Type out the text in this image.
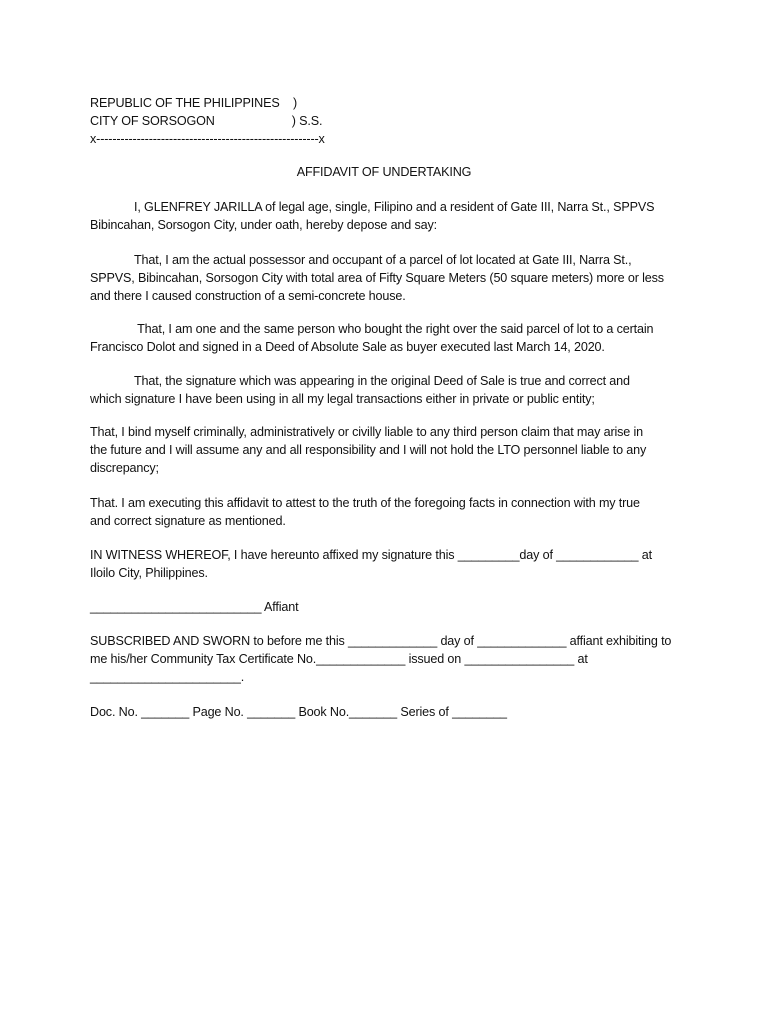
REPUBLIC OF THE PHILIPPINES    )
CITY OF SORSOGON                       ) S.S.
x-------------------------------------------------------x
AFFIDAVIT OF UNDERTAKING
I, GLENFREY JARILLA of legal age, single, Filipino and a resident of Gate III, Narra St., SPPVS
Bibincahan, Sorsogon City, under oath, hereby depose and say:
That, I am the actual possessor and occupant of a parcel of lot located at Gate III, Narra St.,
SPPVS, Bibincahan, Sorsogon City with total area of Fifty Square Meters (50 square meters) more or less
and there I caused construction of a semi-concrete house.
That, I am one and the same person who bought the right over the said parcel of lot to a certain
Francisco Dolot and signed in a Deed of Absolute Sale as buyer executed last March 14, 2020.
That, the signature which was appearing in the original Deed of Sale is true and correct and
which signature I have been using in all my legal transactions either in private or public entity;
That, I bind myself criminally, administratively or civilly liable to any third person claim that may arise in
the future and I will assume any and all responsibility and I will not hold the LTO personnel liable to any
discrepancy;
That. I am executing this affidavit to attest to the truth of the foregoing facts in connection with my true
and correct signature as mentioned.
IN WITNESS WHEREOF, I have hereunto affixed my signature this _________day of ____________ at
Iloilo City, Philippines.
_________________________ Affiant
SUBSCRIBED AND SWORN to before me this _____________ day of _____________ affiant exhibiting to
me his/her Community Tax Certificate No._____________ issued on ________________ at
______________________.
Doc. No. _______ Page No. _______ Book No._______ Series of ________
